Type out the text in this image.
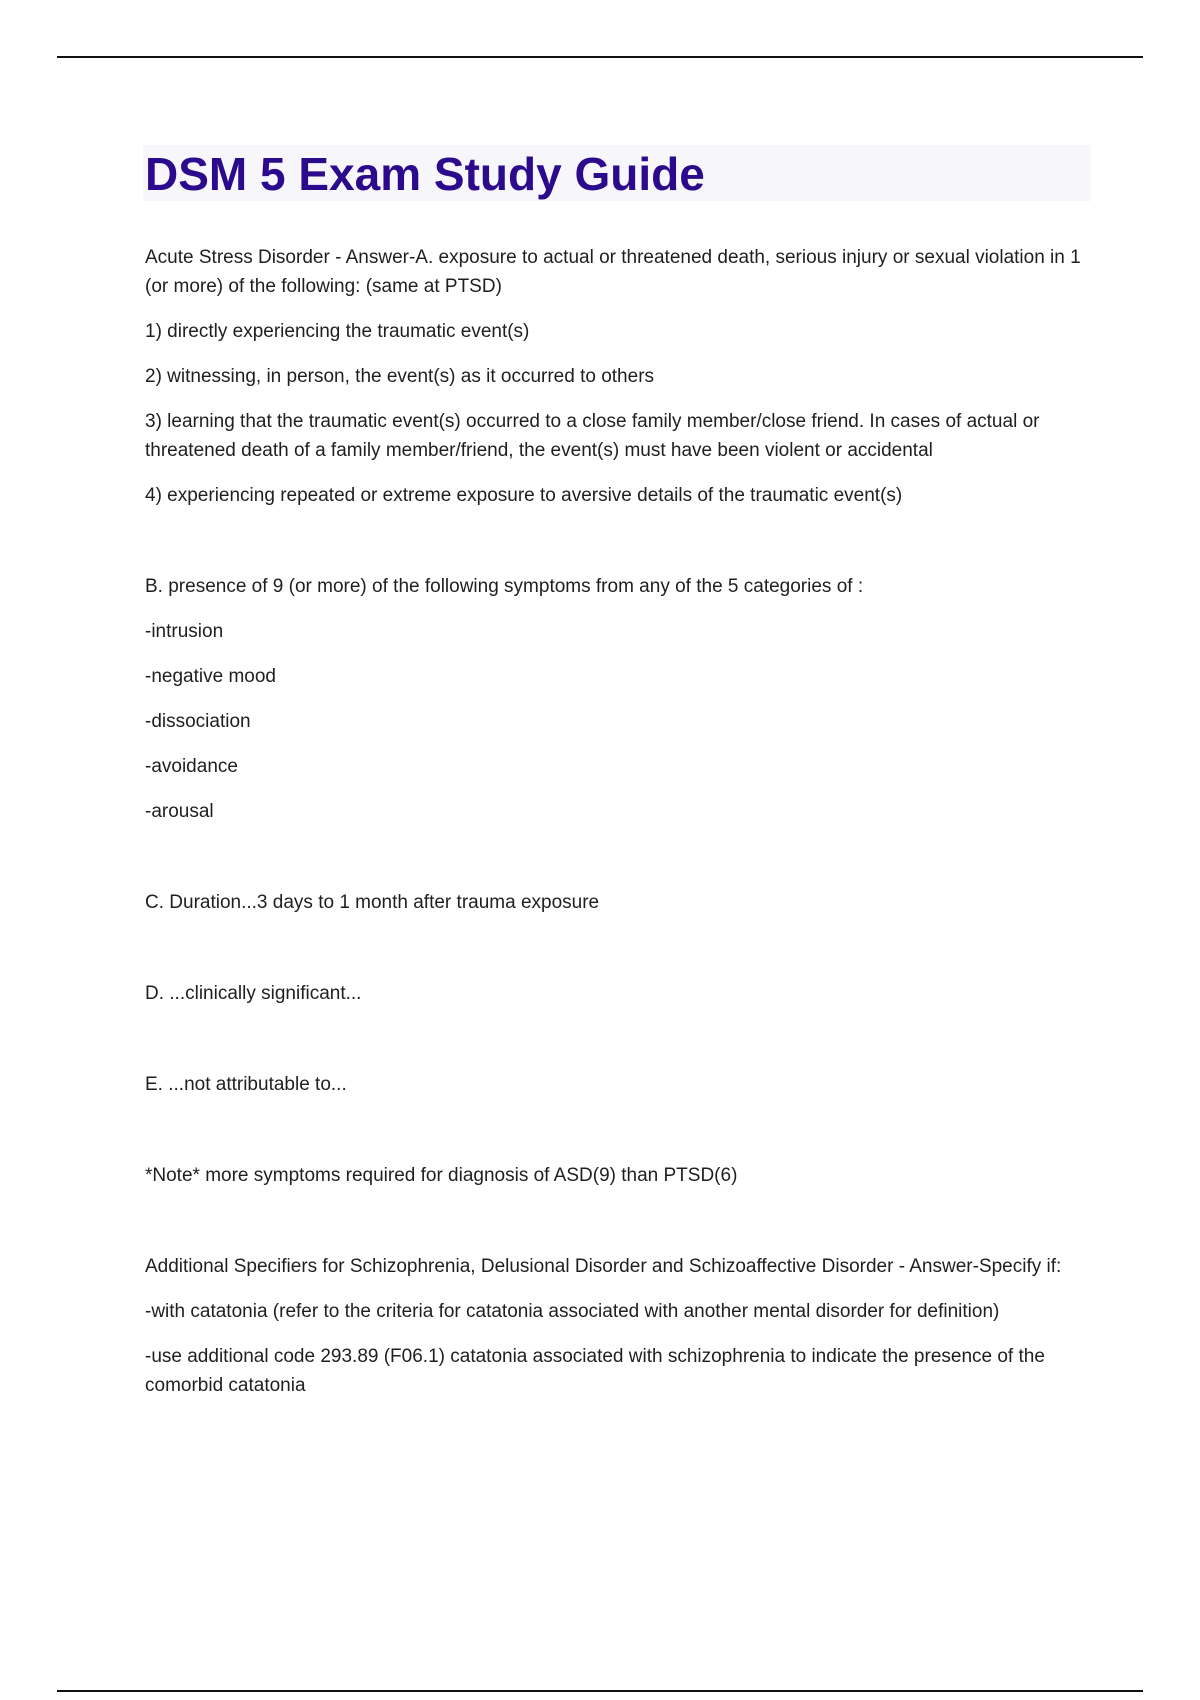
DSM 5 Exam Study Guide

Acute Stress Disorder - Answer-A. exposure to actual or threatened death, serious injury or sexual violation in 1 (or more) of the following: (same at PTSD)

1) directly experiencing the traumatic event(s)

2) witnessing, in person, the event(s) as it occurred to others

3) learning that the traumatic event(s) occurred to a close family member/close friend. In cases of actual or threatened death of a family member/friend, the event(s) must have been violent or accidental

4) experiencing repeated or extreme exposure to aversive details of the traumatic event(s)

B. presence of 9 (or more) of the following symptoms from any of the 5 categories of :

-intrusion

-negative mood

-dissociation

-avoidance

-arousal

C. Duration...3 days to 1 month after trauma exposure

D. ...clinically significant...

E. ...not attributable to...

*Note* more symptoms required for diagnosis of ASD(9) than PTSD(6)

Additional Specifiers for Schizophrenia, Delusional Disorder and Schizoaffective Disorder - Answer-Specify if:

-with catatonia (refer to the criteria for catatonia associated with another mental disorder for definition)

-use additional code 293.89 (F06.1) catatonia associated with schizophrenia to indicate the presence of the comorbid catatonia
